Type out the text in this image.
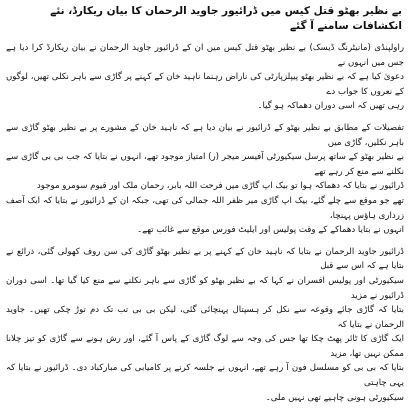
بے نظیر بھٹو قتل کیس میں ڈرائیور جاوید الرحمان کا بیان ریکارڈ، نئے انکشافات سامنے آ گئے
راولپنڈی (مانیٹرنگ ڈیسک) بے نظیر بھٹو قتل کیس میں ان کے ڈرائیور جاوید الرحمان نے بیان ریکارڈ کرا دیا ہے جس میں انہوں نے
دعویٰ کیا ہے کہ بے نظیر بھٹو پیپلزپارٹی کی ناراض رہنما ناہید خان کے کہنے پر گاڑی سے باہر نکلی تھیں، لوگوں کے نعروں کا جواب دے
رہی تھیں کہ اسی دوران دھماکہ ہو گیا۔
تفصیلات کے مطابق بے نظیر بھٹو کے ڈرائیور نے بیان دیا ہے کہ ناہید خان کے مشورے پر بے نظیر بھٹو گاڑی سے باہر نکلیں، گاڑی میں
بے نظیر بھٹو کے ساتھ پرسل سیکیورٹی آفیسر میجر (ر) امتیاز موجود تھے، انہوں نے بتایا کہ جب بی بی گاڑی سے نکلنے سے منع کر رہے تھے
ڈرائیور نے بتایا کہ دھماکہ ہوا تو بیک اپ گاڑی میں فرحت اللہ بابر، رحمان ملک اور قیوم سومرو موجود
تھے جو موقع سے چلے گئے، بیک اپ گاڑی میر ظفر اللہ جمالی کی تھی، جبکہ ان کے ڈرائیور نے بتایا کہ ایک آصف زرداری ہاؤس پہنچا،
انہوں نے بتایا دھماکے کے وقت پولیس اور ایلیٹ فورس موقع سے غائب تھے۔
ڈرائیور جاوید الرحمان نے بتایا کہ ناہید خان کے کہنے پر بے نظیر بھٹو گاڑی کی سن روف کھولی گئی، ذرائع نے بتایا ہے کہ اس سے قبل
سیکیورٹی اور پولیس افسران نے کہا کہ بے نظیر بھٹو کو گاڑی سے باہر نکلنے سے منع کیا گیا تھا۔ اسی دوران ڈرائیور نے مزید
بتایا کہ گاڑی جائے وقوعہ سے نکل کر ہسپتال پہنچائی گئی، لیکن بی بی تب تک دم توڑ چکی تھیں۔ جاوید الرحمان نے بتایا کہ
ایک گاڑی کا ٹائر پھٹ چکا تھا جس کی وجہ سے لوگ گاڑی کے پاس آ گئے، اور رش ہونے سے گاڑی کو تیز چلانا ممکن نہیں تھا، مزید
بتایا کہ بی بی کو مسلسل فون آ رہے تھے، انہوں نے جلسہ کرنے پر کامیابی کی مبارکباد دی۔ ڈرائیور نے بتایا کہ یہی چاہتی
سیکیورٹی ہونی چاہیے تھی نہیں ملی۔
